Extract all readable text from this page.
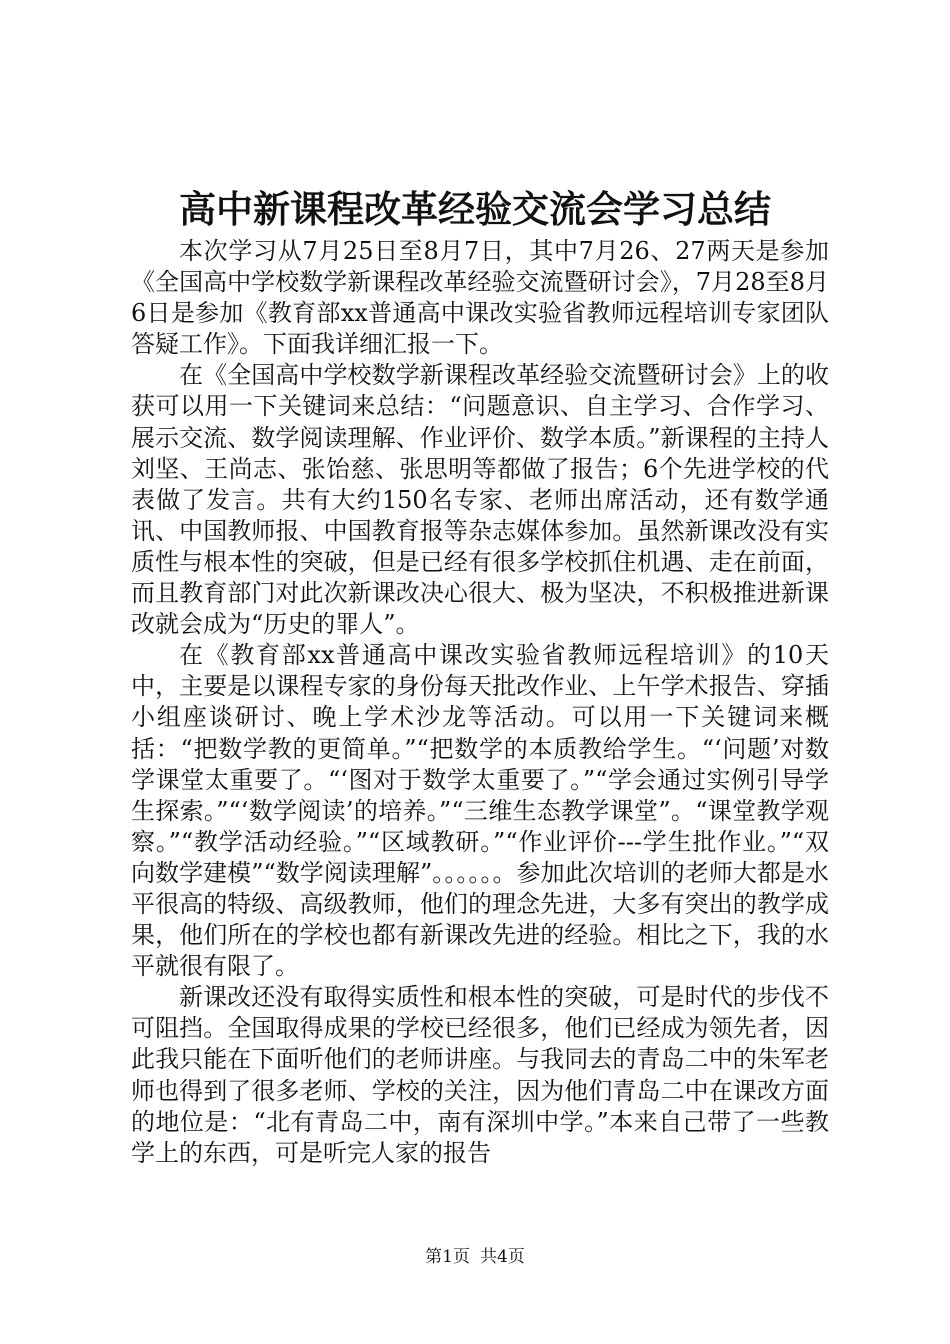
高中新课程改革经验交流会学习总结

本次学习从7月25日至8月7日，其中7月26、27两天是参加《全国高中学校数学新课程改革经验交流暨研讨会》，7月28至8月6日是参加《教育部xx普通高中课改实验省教师远程培训专家团队答疑工作》。下面我详细汇报一下。

在《全国高中学校数学新课程改革经验交流暨研讨会》上的收获可以用一下关键词来总结：“问题意识、自主学习、合作学习、展示交流、数学阅读理解、作业评价、数学本质。”新课程的主持人刘坚、王尚志、张饴慈、张思明等都做了报告；6个先进学校的代表做了发言。共有大约150名专家、老师出席活动，还有数学通讯、中国教师报、中国教育报等杂志媒体参加。虽然新课改没有实质性与根本性的突破，但是已经有很多学校抓住机遇、走在前面，而且教育部门对此次新课改决心很大、极为坚决，不积极推进新课改就会成为“历史的罪人”。

在《教育部xx普通高中课改实验省教师远程培训》的10天中，主要是以课程专家的身份每天批改作业、上午学术报告、穿插小组座谈研讨、晚上学术沙龙等活动。可以用一下关键词来概括：“把数学教的更简单。”“把数学的本质教给学生。“‘问题’对数学课堂太重要了。“‘图对于数学太重要了。”“学会通过实例引导学生探索。”“‘数学阅读’的培养。”“三维生态教学课堂”。“课堂教学观察。”“教学活动经验。”“区域教研。”“作业评价---学生批作业。”“双向数学建模”“数学阅读理解”。。。。。。参加此次培训的老师大都是水平很高的特级、高级教师，他们的理念先进，大多有突出的教学成果，他们所在的学校也都有新课改先进的经验。相比之下，我的水平就很有限了。

新课改还没有取得实质性和根本性的突破，可是时代的步伐不可阻挡。全国取得成果的学校已经很多，他们已经成为领先者，因此我只能在下面听他们的老师讲座。与我同去的青岛二中的朱军老师也得到了很多老师、学校的关注，因为他们青岛二中在课改方面的地位是：“北有青岛二中，南有深圳中学。”本来自己带了一些教学上的东西，可是听完人家的报告

第1页 共4页
